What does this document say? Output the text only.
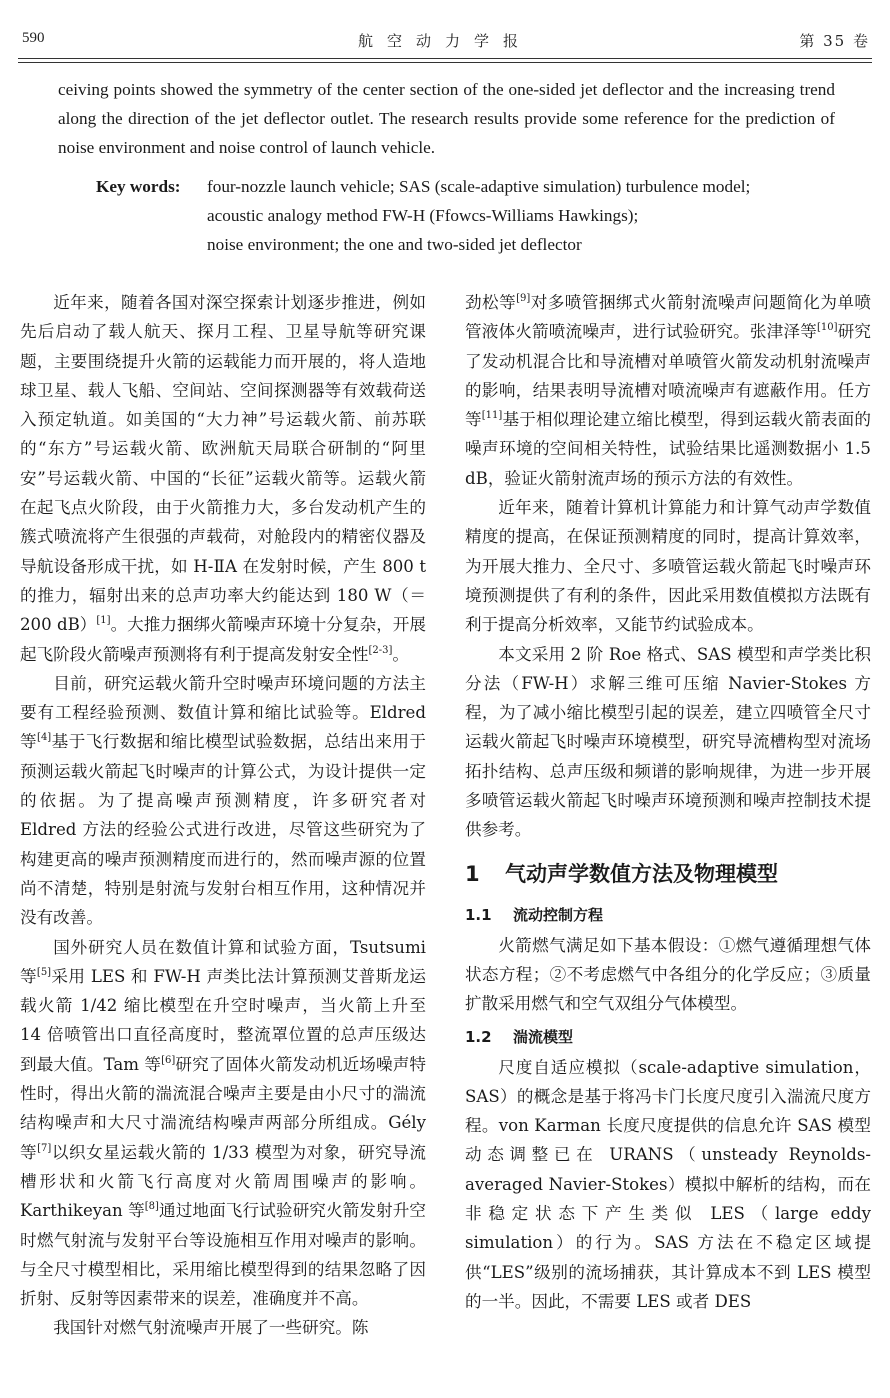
590	航空动力学报	第 35 卷
ceiving points showed the symmetry of the center section of the one-sided jet deflector and the increasing trend along the direction of the jet deflector outlet. The research results provide some reference for the prediction of noise environment and noise control of launch vehicle.
Key words: four-nozzle launch vehicle; SAS (scale-adaptive simulation) turbulence model;
acoustic analogy method FW-H (Ffowcs-Williams Hawkings);
noise environment; the one and two-sided jet deflector

近年来，随着各国对深空探索计划逐步推进，例如先后启动了载人航天、探月工程、卫星导航等研究课题，主要围绕提升火箭的运载能力而开展的，将人造地球卫星、载人飞船、空间站、空间探测器等有效载荷送入预定轨道。如美国的“大力神”号运载火箭、前苏联的“东方”号运载火箭、欧洲航天局联合研制的“阿里安”号运载火箭、中国的“长征”运载火箭等。运载火箭在起飞点火阶段，由于火箭推力大，多台发动机产生的簇式喷流将产生很强的声载荷，对舱段内的精密仪器及导航设备形成干扰，如 H-ⅡA 在发射时候，产生 800 t 的推力，辐射出来的总声功率大约能达到 180 W（＝200 dB）[1]。大推力捆绑火箭噪声环境十分复杂，开展起飞阶段火箭噪声预测将有利于提高发射安全性[2-3]。

目前，研究运载火箭升空时噪声环境问题的方法主要有工程经验预测、数值计算和缩比试验等。Eldred 等[4]基于飞行数据和缩比模型试验数据，总结出来用于预测运载火箭起飞时噪声的计算公式，为设计提供一定的依据。为了提高噪声预测精度，许多研究者对 Eldred 方法的经验公式进行改进，尽管这些研究为了构建更高的噪声预测精度而进行的，然而噪声源的位置尚不清楚，特别是射流与发射台相互作用，这种情况并没有改善。

国外研究人员在数值计算和试验方面，Tsutsumi 等[5]采用 LES 和 FW-H 声类比法计算预测艾普斯龙运载火箭 1/42 缩比模型在升空时噪声，当火箭上升至 14 倍喷管出口直径高度时，整流罩位置的总声压级达到最大值。Tam 等[6]研究了固体火箭发动机近场噪声特性时，得出火箭的湍流混合噪声主要是由小尺寸的湍流结构噪声和大尺寸湍流结构噪声两部分所组成。Gély 等[7]以织女星运载火箭的 1/33 模型为对象，研究导流槽形状和火箭飞行高度对火箭周围噪声的影响。Karthikeyan 等[8]通过地面飞行试验研究火箭发射升空时燃气射流与发射平台等设施相互作用对噪声的影响。与全尺寸模型相比，采用缩比模型得到的结果忽略了因折射、反射等因素带来的误差，准确度并不高。

我国针对燃气射流噪声开展了一些研究。陈

劲松等[9]对多喷管捆绑式火箭射流噪声问题简化为单喷管液体火箭喷流噪声，进行试验研究。张津泽等[10]研究了发动机混合比和导流槽对单喷管火箭发动机射流噪声的影响，结果表明导流槽对喷流噪声有遮蔽作用。任方等[11]基于相似理论建立缩比模型，得到运载火箭表面的噪声环境的空间相关特性，试验结果比遥测数据小 1.5 dB，验证火箭射流声场的预示方法的有效性。

近年来，随着计算机计算能力和计算气动声学数值精度的提高，在保证预测精度的同时，提高计算效率，为开展大推力、全尺寸、多喷管运载火箭起飞时噪声环境预测提供了有利的条件，因此采用数值模拟方法既有利于提高分析效率，又能节约试验成本。

本文采用 2 阶 Roe 格式、SAS 模型和声学类比积分法（FW-H）求解三维可压缩 Navier-Stokes 方程，为了减小缩比模型引起的误差，建立四喷管全尺寸运载火箭起飞时噪声环境模型，研究导流槽构型对流场拓扑结构、总声压级和频谱的影响规律，为进一步开展多喷管运载火箭起飞时噪声环境预测和噪声控制技术提供参考。

1 气动声学数值方法及物理模型
1.1 流动控制方程

火箭燃气满足如下基本假设：①燃气遵循理想气体状态方程；②不考虑燃气中各组分的化学反应；③质量扩散采用燃气和空气双组分气体模型。

1.2 湍流模型

尺度自适应模拟（scale-adaptive simulation，SAS）的概念是基于将冯卡门长度尺度引入湍流尺度方程。von Karman 长度尺度提供的信息允许 SAS 模型动态调整已在 URANS（unsteady Reynolds-averaged Navier-Stokes）模拟中解析的结构，而在非稳定状态下产生类似 LES（large eddy simulation）的行为。SAS 方法在不稳定区域提供“LES”级别的流场捕获，其计算成本不到 LES 模型的一半。因此，不需要 LES 或者 DES
